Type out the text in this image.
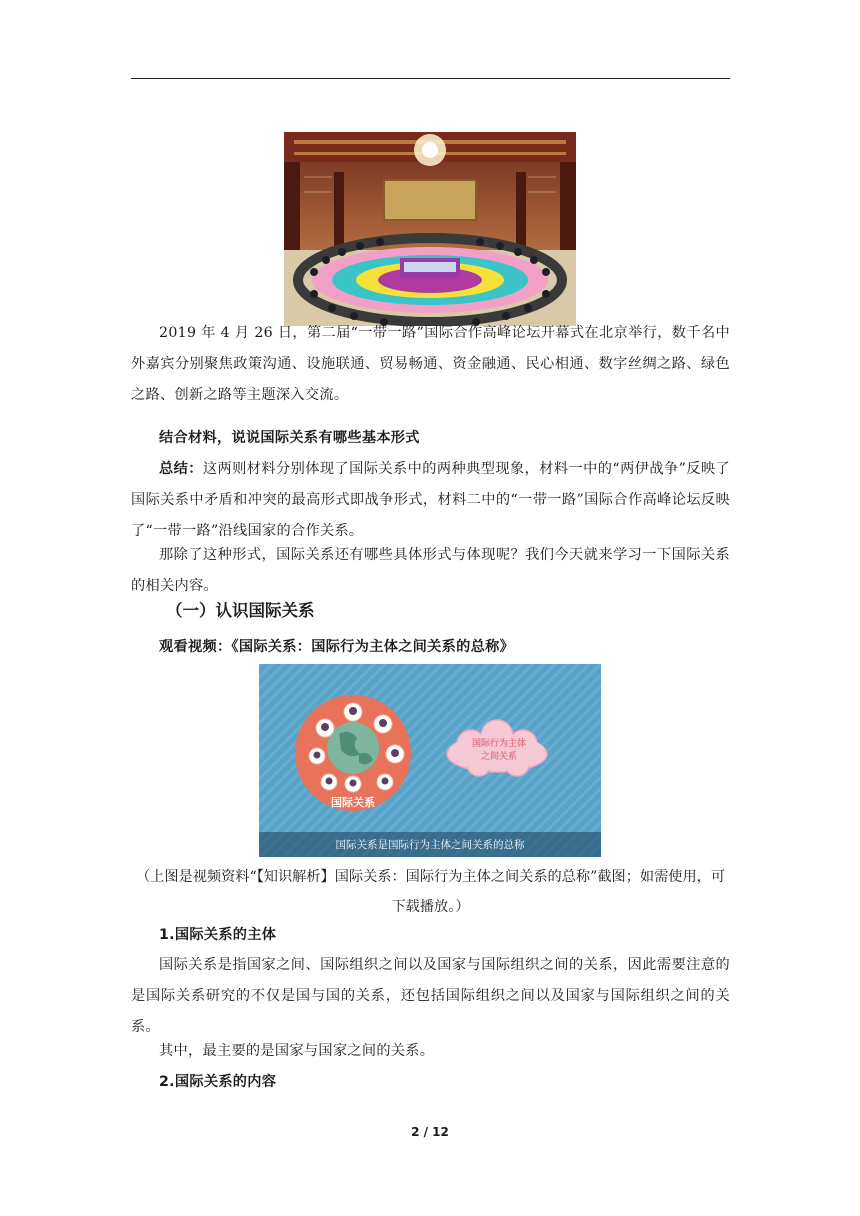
2019 年 4 月 26 日，第二届“一带一路”国际合作高峰论坛开幕式在北京举行，数千名中外嘉宾分别聚焦政策沟通、设施联通、贸易畅通、资金融通、民心相通、数字丝绸之路、绿色之路、创新之路等主题深入交流。

结合材料，说说国际关系有哪些基本形式

总结：这两则材料分别体现了国际关系中的两种典型现象，材料一中的“两伊战争”反映了国际关系中矛盾和冲突的最高形式即战争形式，材料二中的“一带一路”国际合作高峰论坛反映了“一带一路”沿线国家的合作关系。

那除了这种形式，国际关系还有哪些具体形式与体现呢？我们今天就来学习一下国际关系的相关内容。

（一）认识国际关系

观看视频：《国际关系：国际行为主体之间关系的总称》

国际关系
国际行为主体
之间关系
国际关系是国际行为主体之间关系的总称

（上图是视频资料“【知识解析】国际关系：国际行为主体之间关系的总称”截图；如需使用，可下载播放。）

1.国际关系的主体

国际关系是指国家之间、国际组织之间以及国家与国际组织之间的关系，因此需要注意的是国际关系研究的不仅是国与国的关系，还包括国际组织之间以及国家与国际组织之间的关系。

其中，最主要的是国家与国家之间的关系。

2.国际关系的内容

2 / 12
